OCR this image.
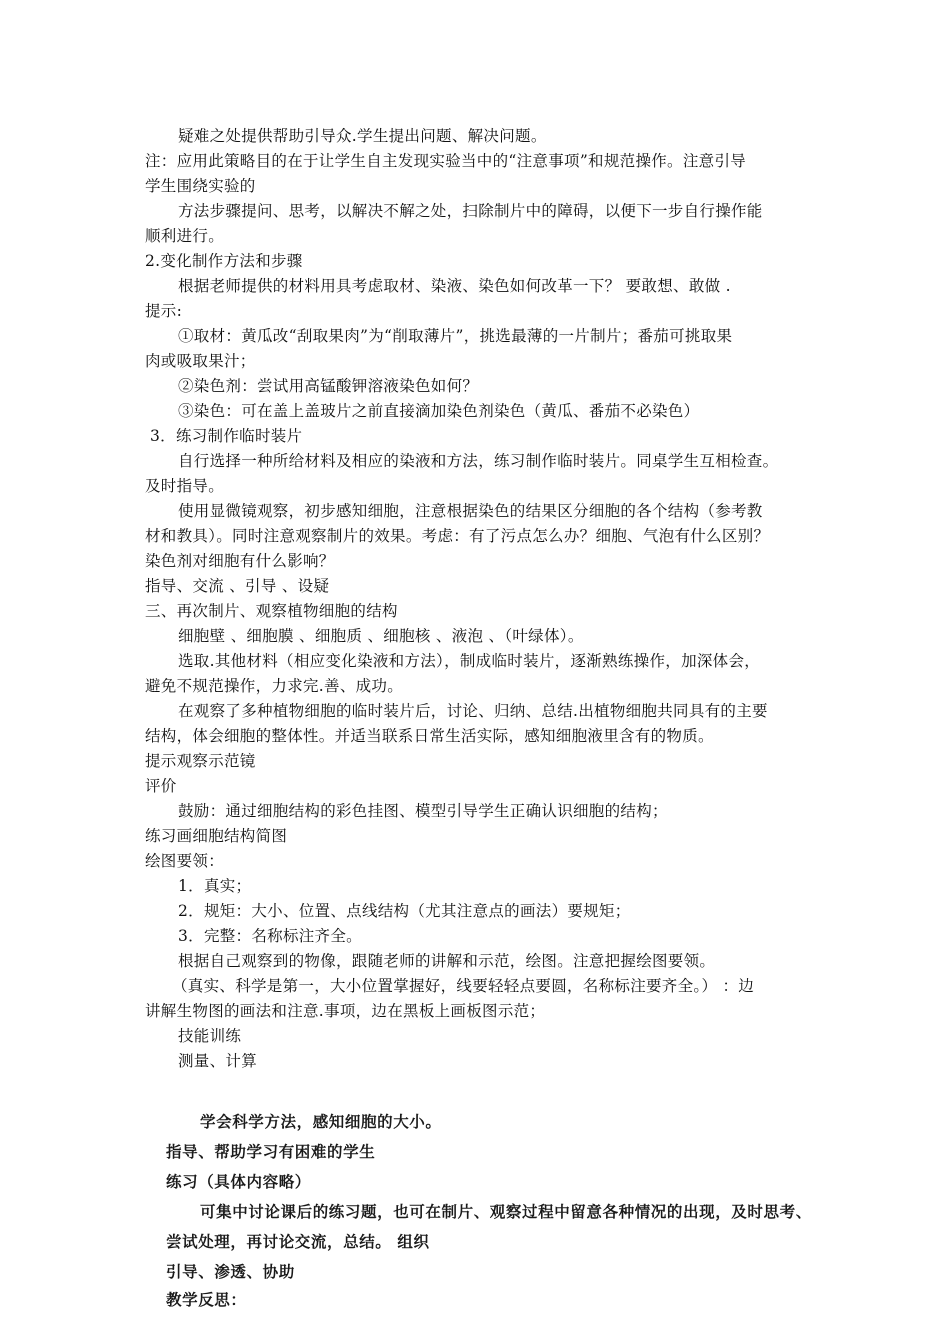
疑难之处提供帮助引导众.学生提出问题、解决问题。
注：应用此策略目的在于让学生自主发现实验当中的“注意事项”和规范操作。注意引导
学生围绕实验的
方法步骤提问、思考，以解决不解之处，扫除制片中的障碍，以便下一步自行操作能
顺利进行。
2.变化制作方法和步骤
根据老师提供的材料用具考虑取材、染液、染色如何改革一下？ 要敢想、敢做 .
提示:
①取材：黄瓜改“刮取果肉”为“削取薄片”，挑选最薄的一片制片；番茄可挑取果
肉或吸取果汁；
②染色剂：尝试用高锰酸钾溶液染色如何？
③染色：可在盖上盖玻片之前直接滴加染色剂染色（黄瓜、番茄不必染色）
3．练习制作临时装片
自行选择一种所给材料及相应的染液和方法，练习制作临时装片。同桌学生互相检查。
及时指导。
使用显微镜观察，初步感知细胞，注意根据染色的结果区分细胞的各个结构（参考教
材和教具）。同时注意观察制片的效果。考虑：有了污点怎么办？细胞、气泡有什么区别？
染色剂对细胞有什么影响？
指导、交流 、引导 、设疑
三、再次制片、观察植物细胞的结构
细胞壁 、细胞膜 、细胞质 、细胞核 、液泡 、（叶绿体）。
选取.其他材料（相应变化染液和方法），制成临时装片，逐渐熟练操作，加深体会，
避免不规范操作，力求完.善、成功。
在观察了多种植物细胞的临时装片后，讨论、归纳、总结.出植物细胞共同具有的主要
结构，体会细胞的整体性。并适当联系日常生活实际，感知细胞液里含有的物质。
提示观察示范镜
评价
鼓励：通过细胞结构的彩色挂图、模型引导学生正确认识细胞的结构；
练习画细胞结构简图
绘图要领：
1．真实；
2．规矩：大小、位置、点线结构（尤其注意点的画法）要规矩；
3．完整：名称标注齐全。
根据自己观察到的物像，跟随老师的讲解和示范，绘图。注意把握绘图要领。
（真实、科学是第一，大小位置掌握好，线要轻轻点要圆，名称标注要齐全。） ：边
讲解生物图的画法和注意.事项，边在黑板上画板图示范；
技能训练
测量、计算
学会科学方法，感知细胞的大小。
指导、帮助学习有困难的学生
练习（具体内容略）
可集中讨论课后的练习题，也可在制片、观察过程中留意各种情况的出现，及时思考、
尝试处理，再讨论交流，总结。 组织
引导、渗透、协助
教学反思：
